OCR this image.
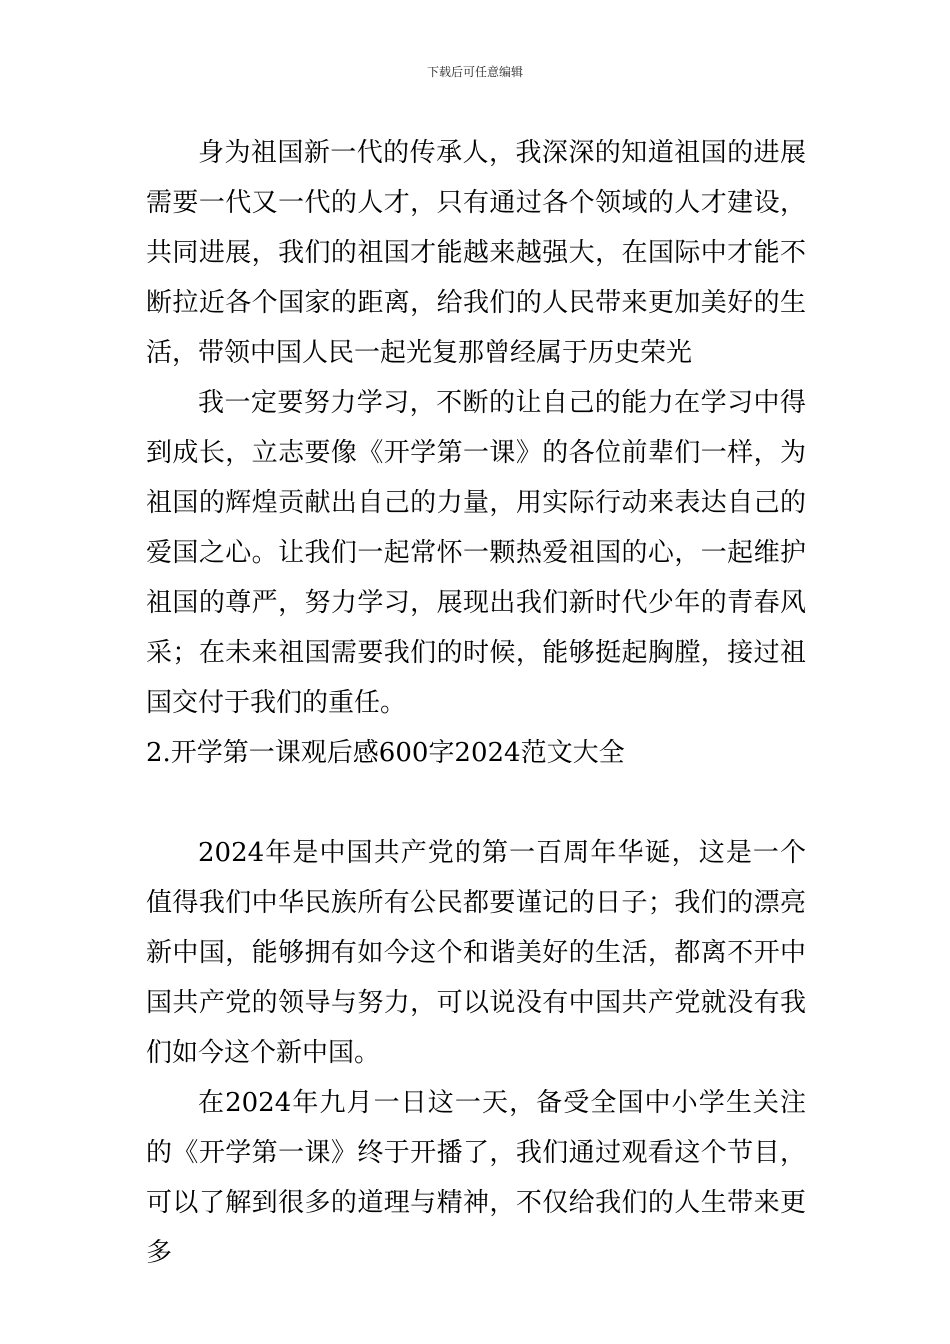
下载后可任意编辑

身为祖国新一代的传承人，我深深的知道祖国的进展需要一代又一代的人才，只有通过各个领域的人才建设，共同进展，我们的祖国才能越来越强大，在国际中才能不断拉近各个国家的距离，给我们的人民带来更加美好的生活，带领中国人民一起光复那曾经属于历史荣光

我一定要努力学习，不断的让自己的能力在学习中得到成长，立志要像《开学第一课》的各位前辈们一样，为祖国的辉煌贡献出自己的力量，用实际行动来表达自己的爱国之心。让我们一起常怀一颗热爱祖国的心，一起维护祖国的尊严，努力学习，展现出我们新时代少年的青春风采；在未来祖国需要我们的时候，能够挺起胸膛，接过祖国交付于我们的重任。

2.开学第一课观后感600字2024范文大全

2024年是中国共产党的第一百周年华诞，这是一个值得我们中华民族所有公民都要谨记的日子；我们的漂亮新中国，能够拥有如今这个和谐美好的生活，都离不开中国共产党的领导与努力，可以说没有中国共产党就没有我们如今这个新中国。

在2024年九月一日这一天，备受全国中小学生关注的《开学第一课》终于开播了，我们通过观看这个节目，可以了解到很多的道理与精神，不仅给我们的人生带来更多
